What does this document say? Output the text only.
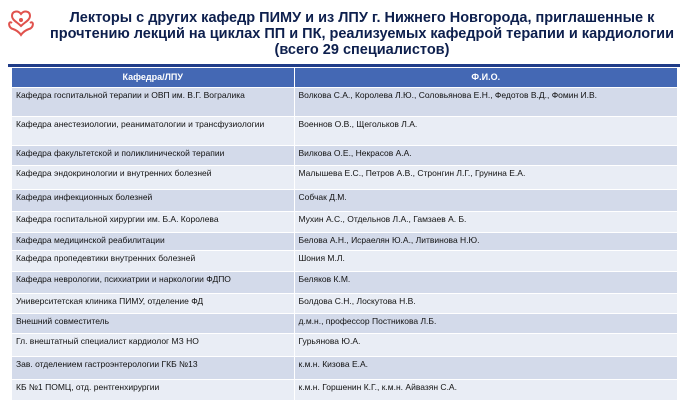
Лекторы с других кафедр ПИМУ и из ЛПУ г. Нижнего Новгорода, приглашенные к прочтению лекций на циклах ПП и ПК, реализуемых кафедрой терапии и кардиологии (всего 29 специалистов)
Кафедра/ЛПУ	Ф.И.О.
Кафедра госпитальной терапии и ОВП им. В.Г. Вогралика	Волкова С.А., Королева Л.Ю., Соловьянова Е.Н., Федотов В.Д., Фомин И.В.
Кафедра анестезиологии, реаниматологии и трансфузиологии	Военнов О.В., Щегольков Л.А.
Кафедра факультетской и поликлинической терапии	Вилкова О.Е., Некрасов А.А.
Кафедра эндокринологии и внутренних болезней	Малышева Е.С., Петров А.В., Стронгин Л.Г., Грунина Е.А.
Кафедра инфекционных болезней	Собчак Д.М.
Кафедра госпитальной хирургии им. Б.А. Королева	Мухин А.С., Отдельнов Л.А., Гамзаев А. Б.
Кафедра медицинской реабилитации	Белова А.Н., Исраелян Ю.А., Литвинова Н.Ю.
Кафедра пропедевтики внутренних болезней	Шония М.Л.
Кафедра неврологии, психиатрии и наркологии ФДПО	Беляков К.М.
Университетская клиника ПИМУ, отделение ФД	Болдова С.Н., Лоскутова Н.В.
Внешний совместитель	д.м.н., профессор Постникова Л.Б.
Гл. внештатный специалист кардиолог МЗ НО	Гурьянова Ю.А.
Зав. отделением гастроэнтерологии ГКБ №13	к.м.н. Кизова Е.А.
КБ №1 ПОМЦ, отд. рентгенхирургии	к.м.н. Горшенин К.Г., к.м.н. Айвазян С.А.
